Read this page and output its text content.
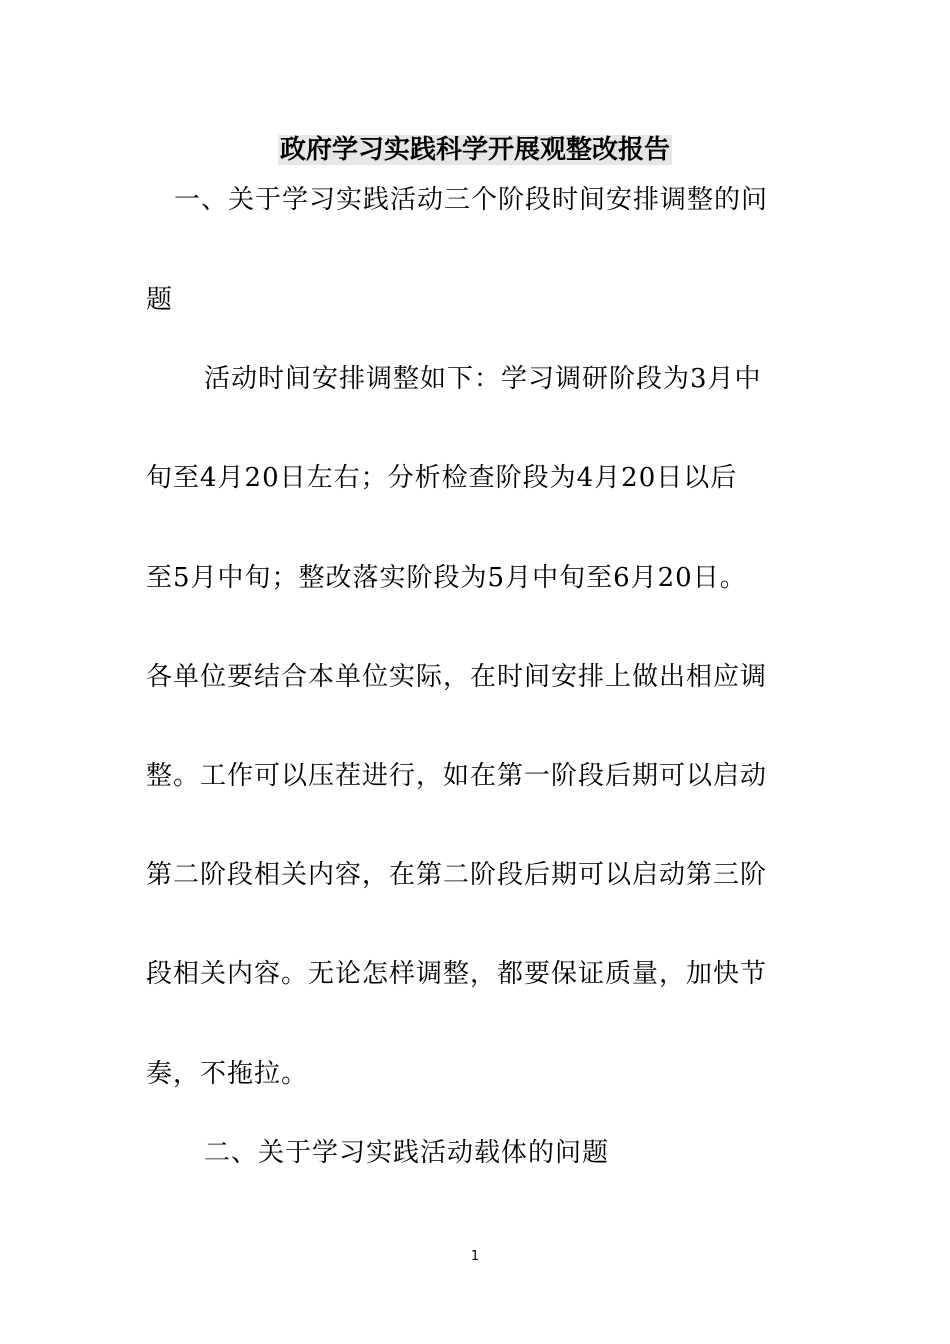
政府学习实践科学开展观整改报告

一、关于学习实践活动三个阶段时间安排调整的问

题

活动时间安排调整如下：学习调研阶段为3月中

旬至4月20日左右；分析检查阶段为4月20日以后

至5月中旬；整改落实阶段为5月中旬至6月20日。

各单位要结合本单位实际，在时间安排上做出相应调

整。工作可以压茬进行，如在第一阶段后期可以启动

第二阶段相关内容，在第二阶段后期可以启动第三阶

段相关内容。无论怎样调整，都要保证质量，加快节

奏，不拖拉。

二、关于学习实践活动载体的问题

1
